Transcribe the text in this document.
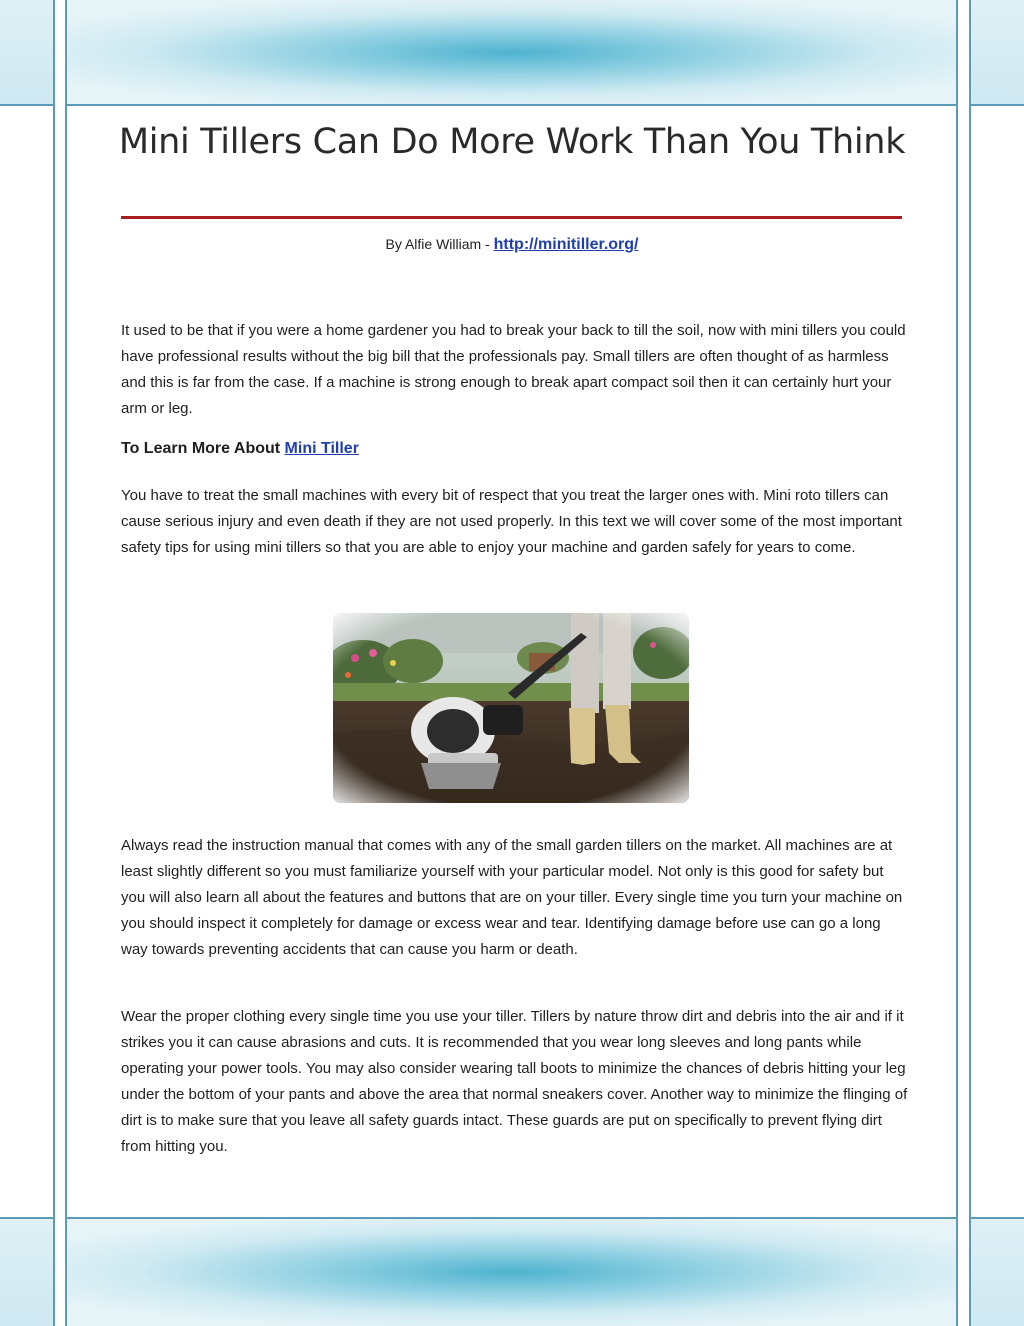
Mini Tillers Can Do More Work Than You Think
By Alfie William - http://minitiller.org/

It used to be that if you were a home gardener you had to break your back to till the soil, now with mini tillers you could have professional results without the big bill that the professionals pay. Small tillers are often thought of as harmless and this is far from the case. If a machine is strong enough to break apart compact soil then it can certainly hurt your arm or leg.

To Learn More About Mini Tiller

You have to treat the small machines with every bit of respect that you treat the larger ones with. Mini roto tillers can cause serious injury and even death if they are not used properly. In this text we will cover some of the most important safety tips for using mini tillers so that you are able to enjoy your machine and garden safely for years to come.

Always read the instruction manual that comes with any of the small garden tillers on the market. All machines are at least slightly different so you must familiarize yourself with your particular model. Not only is this good for safety but you will also learn all about the features and buttons that are on your tiller. Every single time you turn your machine on you should inspect it completely for damage or excess wear and tear. Identifying damage before use can go a long way towards preventing accidents that can cause you harm or death.

Wear the proper clothing every single time you use your tiller. Tillers by nature throw dirt and debris into the air and if it strikes you it can cause abrasions and cuts. It is recommended that you wear long sleeves and long pants while operating your power tools. You may also consider wearing tall boots to minimize the chances of debris hitting your leg under the bottom of your pants and above the area that normal sneakers cover. Another way to minimize the flinging of dirt is to make sure that you leave all safety guards intact. These guards are put on specifically to prevent flying dirt from hitting you.
